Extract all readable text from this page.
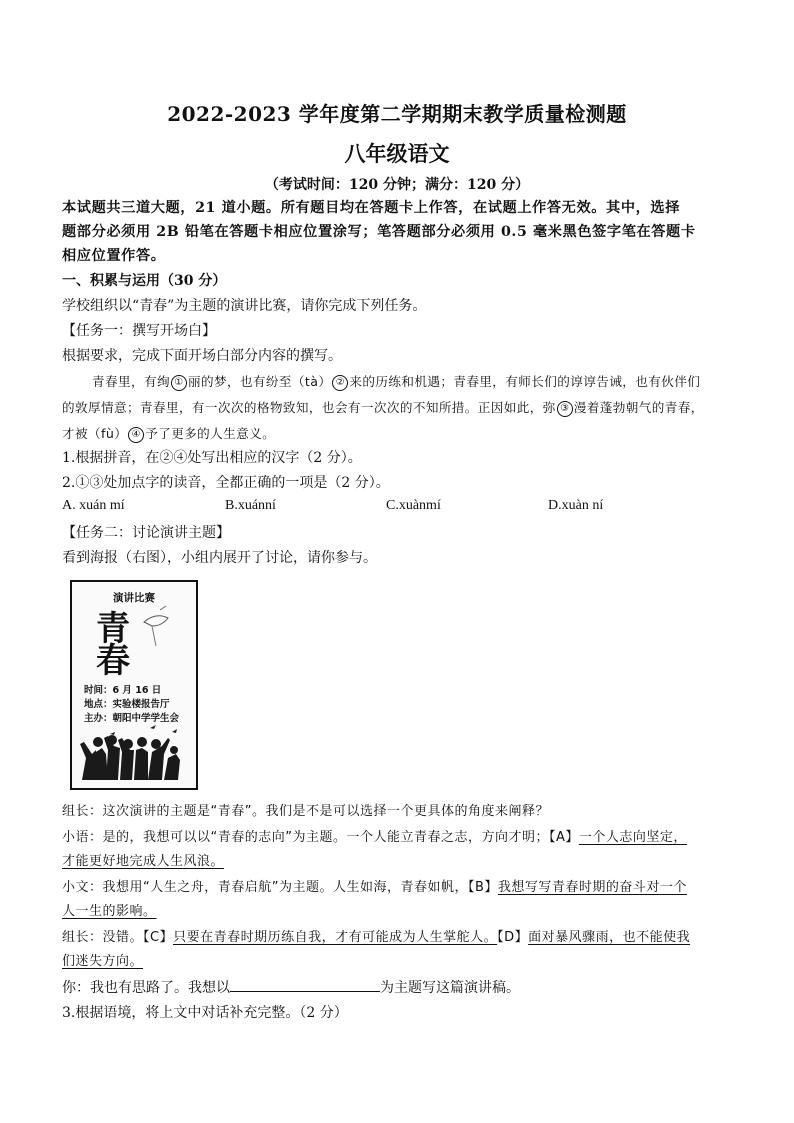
2022-2023 学年度第二学期期末教学质量检测题
八年级语文
（考试时间：120 分钟；满分：120 分）
本试题共三道大题，21 道小题。所有题目均在答题卡上作答，在试题上作答无效。其中，选择
题部分必须用 2B 铅笔在答题卡相应位置涂写；笔答题部分必须用 0.5 毫米黑色签字笔在答题卡
相应位置作答。
一、积累与运用（30 分）
学校组织以“青春”为主题的演讲比赛，请你完成下列任务。
【任务一：撰写开场白】
根据要求，完成下面开场白部分内容的撰写。
青春里，有绚 ① 丽的梦，也有纷至（tà） ② 来的历练和机遇；青春里，有师长们的谆谆告诫，也有伙伴们
的敦厚情意；青春里，有一次次的格物致知，也会有一次次的不知所措。正因如此，弥 ③ 漫着蓬勃朝气的青春，
才被（fù） ④ 予了更多的人生意义。
1.根据拼音，在②④处写出相应的汉字（2 分）。
2.①③处加点字的读音，全都正确的一项是（2 分）。
A. xuán mí	B.xuánní	C.xuànmí	D.xuàn ní
【任务二：讨论演讲主题】
看到海报（右图），小组内展开了讨论，请你参与。
演讲比赛
青
春
时间：6 月 16 日
地点：实验楼报告厅
主办：朝阳中学学生会
组长：这次演讲的主题是“青春”。我们是不是可以选择一个更具体的角度来阐释？
小语：是的，我想可以以“青春的志向”为主题。一个人能立青春之志，方向才明；【A】一个人志向坚定，
才能更好地完成人生风浪。
小文：我想用“人生之舟，青春启航”为主题。人生如海，青春如帆，【B】我想写写青春时期的奋斗对一个
人一生的影响。
组长：没错。【C】只要在青春时期历练自我，才有可能成为人生掌舵人。【D】面对暴风骤雨，也不能使我
们迷失方向。
你：我也有思路了。我想以	为主题写这篇演讲稿。
3.根据语境，将上文中对话补充完整。（2 分）
